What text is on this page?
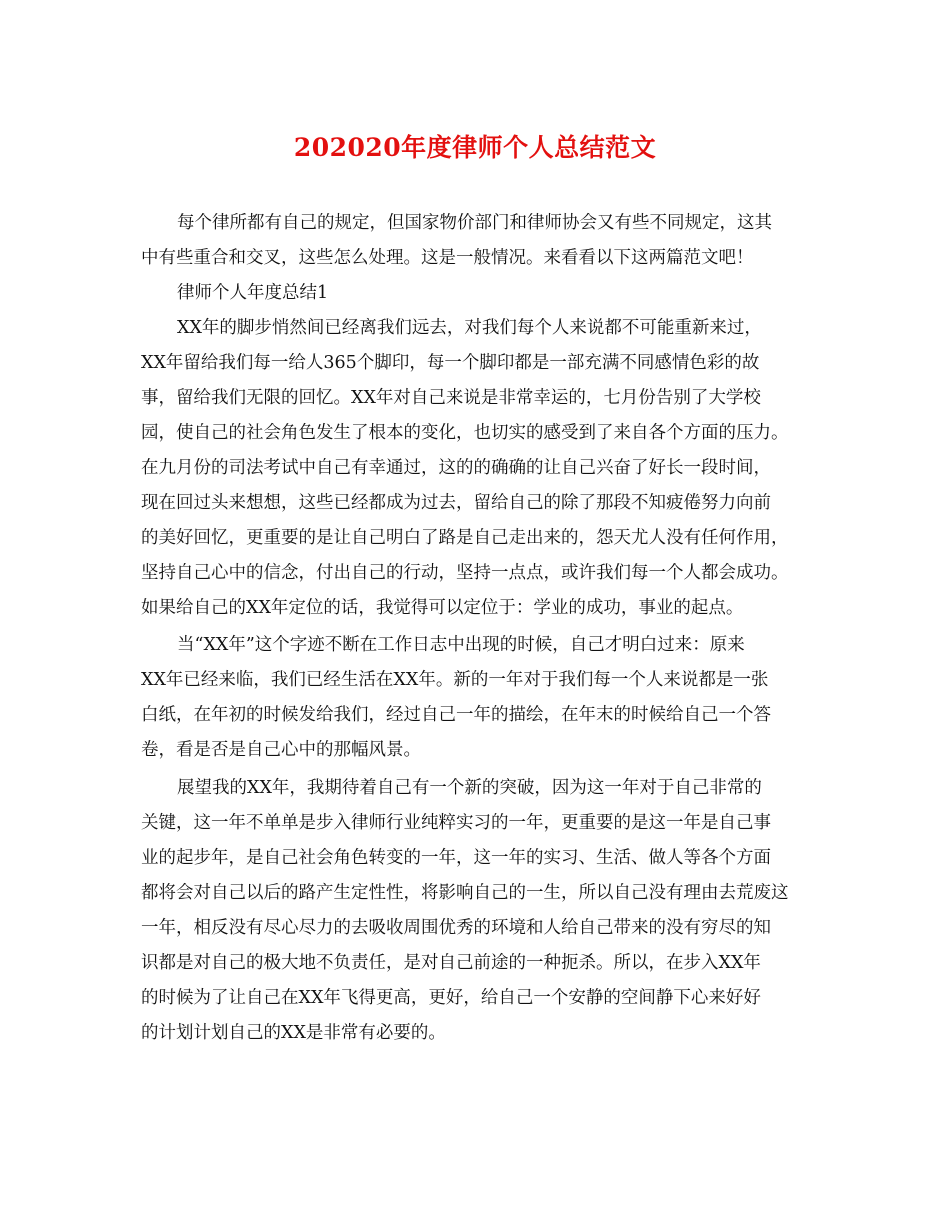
202020年度律师个人总结范文
每个律所都有自己的规定，但国家物价部门和律师协会又有些不同规定，这其
中有些重合和交叉，这些怎么处理。这是一般情况。来看看以下这两篇范文吧！
律师个人年度总结1
XX年的脚步悄然间已经离我们远去，对我们每个人来说都不可能重新来过，
XX年留给我们每一给人365个脚印，每一个脚印都是一部充满不同感情色彩的故
事，留给我们无限的回忆。XX年对自己来说是非常幸运的，七月份告别了大学校
园，使自己的社会角色发生了根本的变化，也切实的感受到了来自各个方面的压力。
在九月份的司法考试中自己有幸通过，这的的确确的让自己兴奋了好长一段时间，
现在回过头来想想，这些已经都成为过去，留给自己的除了那段不知疲倦努力向前
的美好回忆，更重要的是让自己明白了路是自己走出来的，怨天尤人没有任何作用，
坚持自己心中的信念，付出自己的行动，坚持一点点，或许我们每一个人都会成功。
如果给自己的XX年定位的话，我觉得可以定位于：学业的成功，事业的起点。
当“XX年”这个字迹不断在工作日志中出现的时候，自己才明白过来：原来
XX年已经来临，我们已经生活在XX年。新的一年对于我们每一个人来说都是一张
白纸，在年初的时候发给我们，经过自己一年的描绘，在年末的时候给自己一个答
卷，看是否是自己心中的那幅风景。
展望我的XX年，我期待着自己有一个新的突破，因为这一年对于自己非常的
关键，这一年不单单是步入律师行业纯粹实习的一年，更重要的是这一年是自己事
业的起步年，是自己社会角色转变的一年，这一年的实习、生活、做人等各个方面
都将会对自己以后的路产生定性性，将影响自己的一生，所以自己没有理由去荒废这
一年，相反没有尽心尽力的去吸收周围优秀的环境和人给自己带来的没有穷尽的知
识都是对自己的极大地不负责任，是对自己前途的一种扼杀。所以，在步入XX年
的时候为了让自己在XX年飞得更高，更好，给自己一个安静的空间静下心来好好
的计划计划自己的XX是非常有必要的。
